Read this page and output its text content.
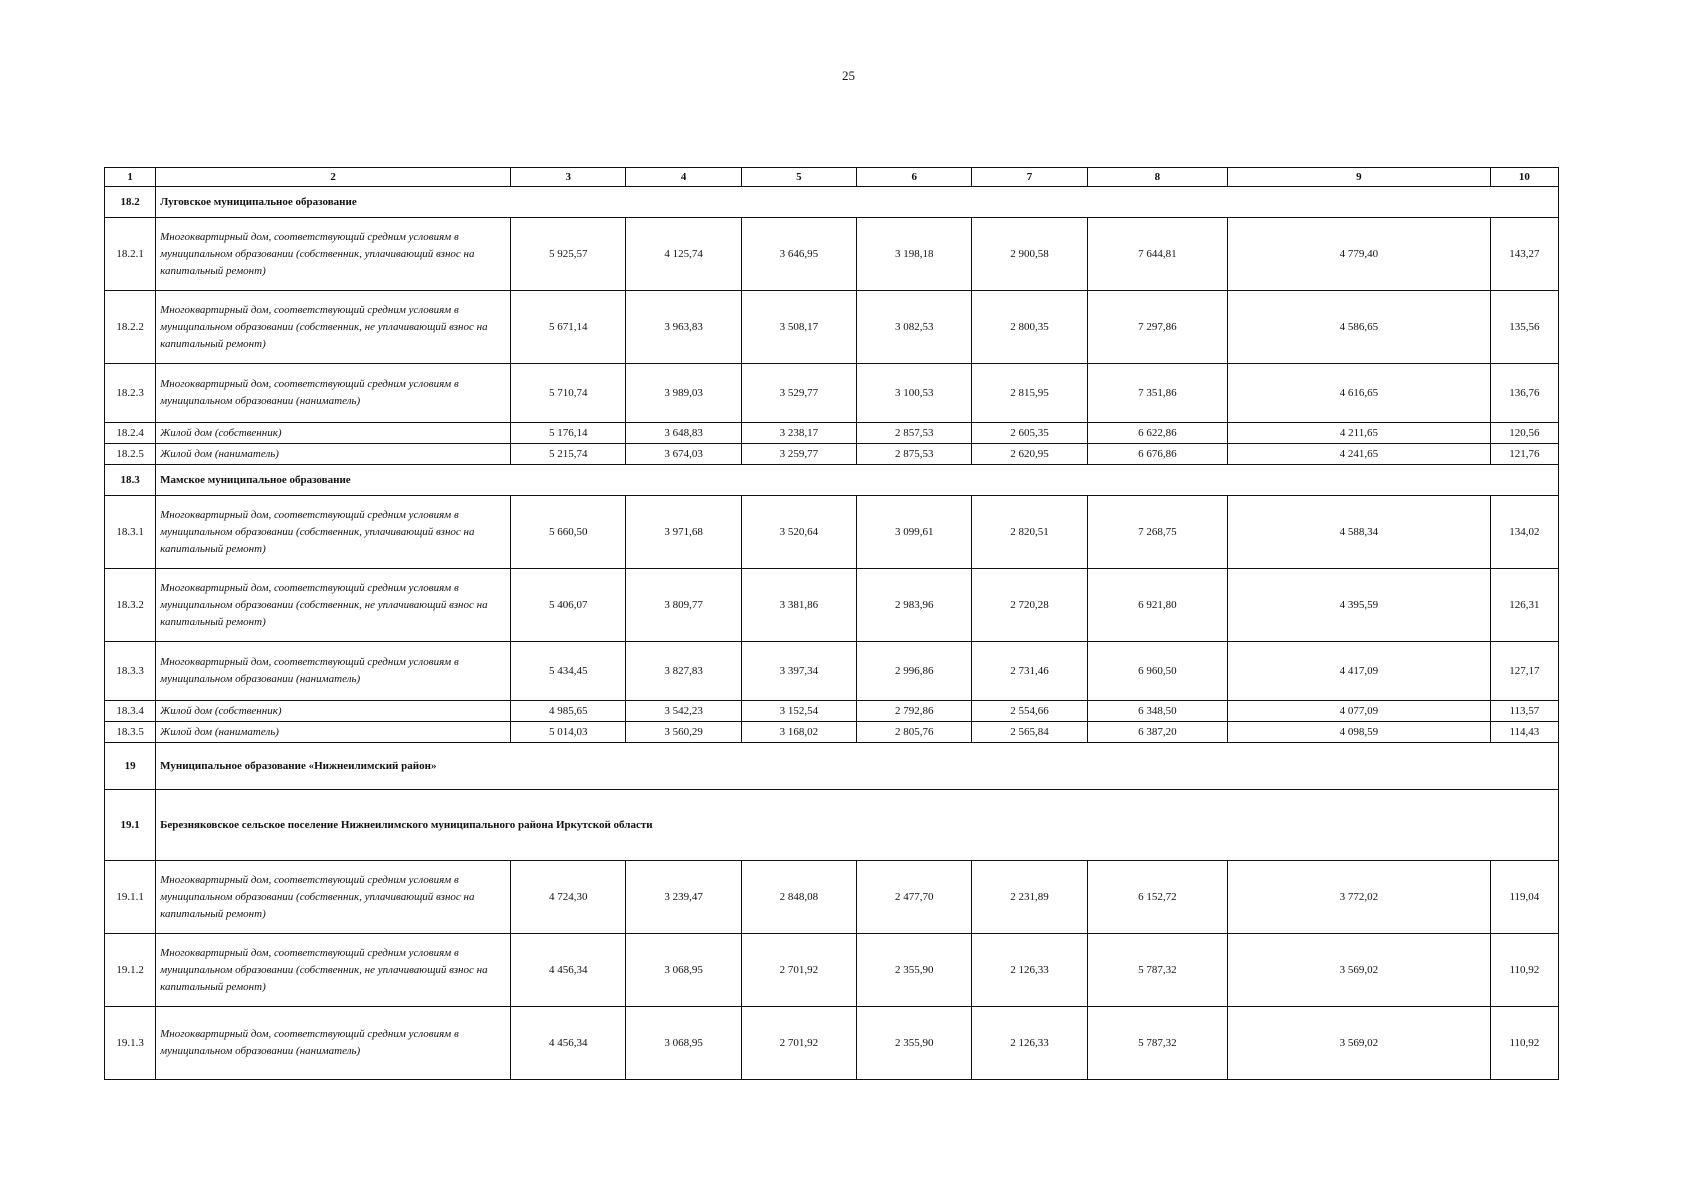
25
1	2	3	4	5	6	7	8	9	10
18.2	Луговское муниципальное образование								
18.2.1	Многоквартирный дом, соответствующий средним условиям в муниципальном образовании (собственник, уплачивающий взнос на капитальный ремонт)	5 925,57	4 125,74	3 646,95	3 198,18	2 900,58	7 644,81	4 779,40	143,27
18.2.2	Многоквартирный дом, соответствующий средним условиям в муниципальном образовании (собственник, не уплачивающий взнос на капитальный ремонт)	5 671,14	3 963,83	3 508,17	3 082,53	2 800,35	7 297,86	4 586,65	135,56
18.2.3	Многоквартирный дом, соответствующий средним условиям в муниципальном образовании (наниматель)	5 710,74	3 989,03	3 529,77	3 100,53	2 815,95	7 351,86	4 616,65	136,76
18.2.4	Жилой дом (собственник)	5 176,14	3 648,83	3 238,17	2 857,53	2 605,35	6 622,86	4 211,65	120,56
18.2.5	Жилой дом (наниматель)	5 215,74	3 674,03	3 259,77	2 875,53	2 620,95	6 676,86	4 241,65	121,76
18.3	Мамское муниципальное образование								
18.3.1	Многоквартирный дом, соответствующий средним условиям в муниципальном образовании (собственник, уплачивающий взнос на капитальный ремонт)	5 660,50	3 971,68	3 520,64	3 099,61	2 820,51	7 268,75	4 588,34	134,02
18.3.2	Многоквартирный дом, соответствующий средним условиям в муниципальном образовании (собственник, не уплачивающий взнос на капитальный ремонт)	5 406,07	3 809,77	3 381,86	2 983,96	2 720,28	6 921,80	4 395,59	126,31
18.3.3	Многоквартирный дом, соответствующий средним условиям в муниципальном образовании (наниматель)	5 434,45	3 827,83	3 397,34	2 996,86	2 731,46	6 960,50	4 417,09	127,17
18.3.4	Жилой дом (собственник)	4 985,65	3 542,23	3 152,54	2 792,86	2 554,66	6 348,50	4 077,09	113,57
18.3.5	Жилой дом (наниматель)	5 014,03	3 560,29	3 168,02	2 805,76	2 565,84	6 387,20	4 098,59	114,43
19	Муниципальное образование «Нижнеилимский район»								
19.1	Березняковское сельское поселение Нижнеилимского муниципального района Иркутской области								
19.1.1	Многоквартирный дом, соответствующий средним условиям в муниципальном образовании (собственник, уплачивающий взнос на капитальный ремонт)	4 724,30	3 239,47	2 848,08	2 477,70	2 231,89	6 152,72	3 772,02	119,04
19.1.2	Многоквартирный дом, соответствующий средним условиям в муниципальном образовании (собственник, не уплачивающий взнос на капитальный ремонт)	4 456,34	3 068,95	2 701,92	2 355,90	2 126,33	5 787,32	3 569,02	110,92
19.1.3	Многоквартирный дом, соответствующий средним условиям в муниципальном образовании (наниматель)	4 456,34	3 068,95	2 701,92	2 355,90	2 126,33	5 787,32	3 569,02	110,92
